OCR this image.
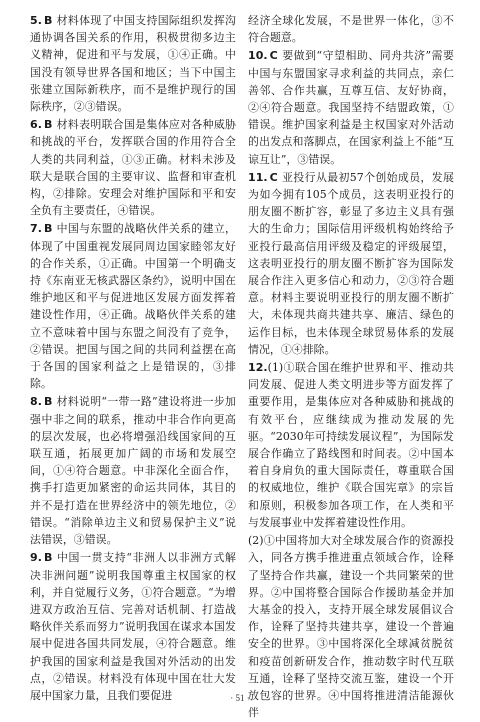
5. B 材料体现了中国支持国际组织发挥沟通协调各国关系的作用，积极贯彻多边主义精神，促进和平与发展，①④正确。中国没有领导世界各国和地区；当下中国主张建立国际新秩序，而不是维护现行的国际秩序，②③错误。

6. B 材料表明联合国是集体应对各种威胁和挑战的平台，发挥联合国的作用符合全人类的共同利益，①③正确。材料未涉及联大是联合国的主要审议、监督和审查机构，②排除。安理会对维护国际和平和安全负有主要责任，④错误。

7. B 中国与东盟的战略伙伴关系的建立，体现了中国重视发展同周边国家睦邻友好的合作关系，①正确。中国第一个明确支持《东南亚无核武器区条约》，说明中国在维护地区和平与促进地区发展方面发挥着建设性作用，④正确。战略伙伴关系的建立不意味着中国与东盟之间没有了竞争，②错误。把国与国之间的共同利益摆在高于各国的国家利益之上是错误的，③排除。

8. B 材料说明“一带一路”建设将进一步加强中非之间的联系，推动中非合作向更高的层次发展，也必将增强沿线国家间的互联互通，拓展更加广阔的市场和发展空间，①④符合题意。中非深化全面合作，携手打造更加紧密的命运共同体，其目的并不是打造在世界经济中的领先地位，②错误。“消除单边主义和贸易保护主义”说法错误，③错误。

9. B 中国一贯支持“非洲人以非洲方式解决非洲问题”说明我国尊重主权国家的权利，并自觉履行义务，①符合题意。“为增进双方政治互信、完善对话机制、打造战略伙伴关系而努力”说明我国在谋求本国发展中促进各国共同发展，④符合题意。维护我国的国家利益是我国对外活动的出发点，②错误。材料没有体现中国在壮大发展中国家力量，且我们要促进

经济全球化发展，不是世界一体化，③不符合题意。

10. C 要做到“守望相助、同舟共济”需要中国与东盟国家寻求利益的共同点，亲仁善邻、合作共赢，互尊互信、友好协商，②④符合题意。我国坚持不结盟政策，①错误。维护国家利益是主权国家对外活动的出发点和落脚点，在国家利益上不能“互谅互让”，③错误。

11. C 亚投行从最初57个创始成员，发展为如今拥有105个成员，这表明亚投行的朋友圈不断扩容，彰显了多边主义具有强大的生命力；国际信用评级机构始终给予亚投行最高信用评级及稳定的评级展望，这表明亚投行的朋友圈不断扩容为国际发展合作注入更多信心和动力，②③符合题意。材料主要说明亚投行的朋友圈不断扩大，未体现共商共建共享、廉洁、绿色的运作目标，也未体现全球贸易体系的发展情况，①④排除。

12.(1)①联合国在维护世界和平、推动共同发展、促进人类文明进步等方面发挥了重要作用，是集体应对各种威胁和挑战的有效平台，应继续成为推动发展的先驱。“2030年可持续发展议程”，为国际发展合作确立了路线图和时间表。②中国本着自身肩负的重大国际责任，尊重联合国的权威地位，维护《联合国宪章》的宗旨和原则，积极参加各项工作，在人类和平与发展事业中发挥着建设性作用。

(2)①中国将加大对全球发展合作的资源投入，同各方携手推进重点领域合作，诠释了坚持合作共赢，建设一个共同繁荣的世界。②中国将整合国际合作援助基金并加大基金的投入，支持开展全球发展倡议合作，诠释了坚持共建共享，建设一个普遍安全的世界。③中国将深化全球减贫脱贫和疫苗创新研发合作，推动数字时代互联互通，诠释了坚持交流互鉴，建设一个开放包容的世界。④中国将推进清洁能源伙伴

· 51 ·
